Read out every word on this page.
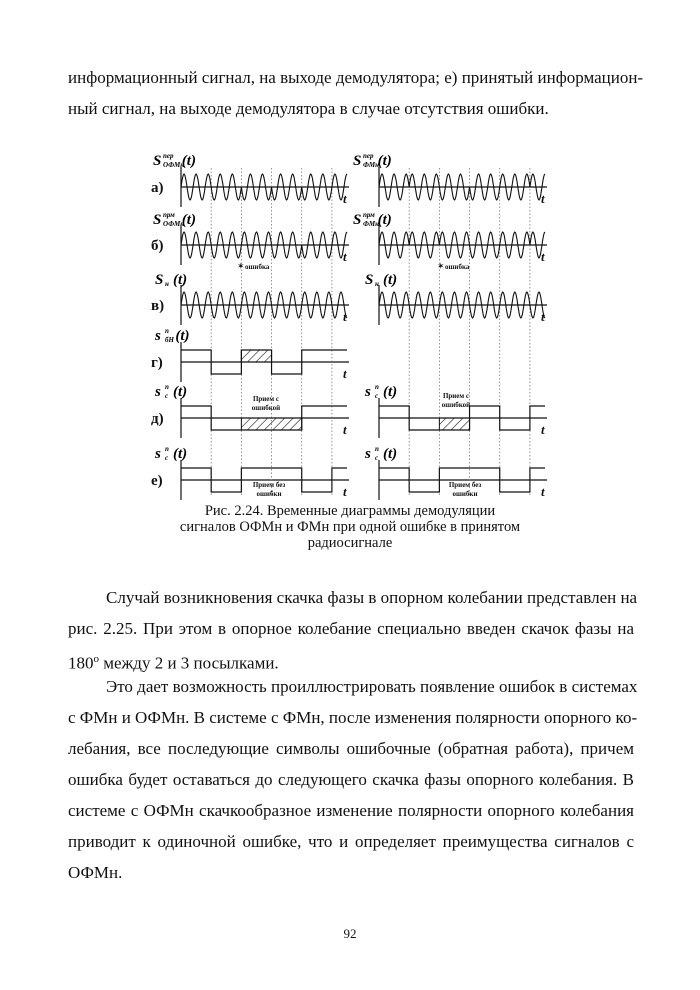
информационный сигнал, на выходе демодулятора; е) принятый информацион-
ный сигнал, на выходе демодулятора в случае отсутствия ошибки.
а)
б)
в)
г)
д)
е)
S пер
ОФМн
(t)	S пер
ФМн
(t)
S прм
ОФМн
(t)	S прм
ФМн
(t)
S н (t)	S н (t)
s п
бН (t)
s п
с (t)	s п
с (t)
s п
с (t)	s п
с (t)
t	t
t	t
t	t
t
t	t
t	t
✶ ошибка	✶ ошибка
Прием с
ошибкой
Прием с
ошибкой
Прием без
ошибки
Прием без
ошибки
Рис. 2.24. Временные диаграммы демодуляции
сигналов ОФМн и ФМн при одной ошибке в принятом
радиосигнале
Случай возникновения скачка фазы в опорном колебании представлен на
рис. 2.25. При этом в опорное колебание специально введен скачок фазы на
$180^о$ между 2 и 3 посылками.
Это дает возможность проиллюстрировать появление ошибок в системах
с ФМн и ОФМн. В системе с ФМн, после изменения полярности опорного ко-
лебания, все последующие символы ошибочные (обратная работа), причем
ошибка будет оставаться до следующего скачка фазы опорного колебания. В
системе с ОФМн скачкообразное изменение полярности опорного колебания
приводит к одиночной ошибке, что и определяет преимущества сигналов с
ОФМн.
92
